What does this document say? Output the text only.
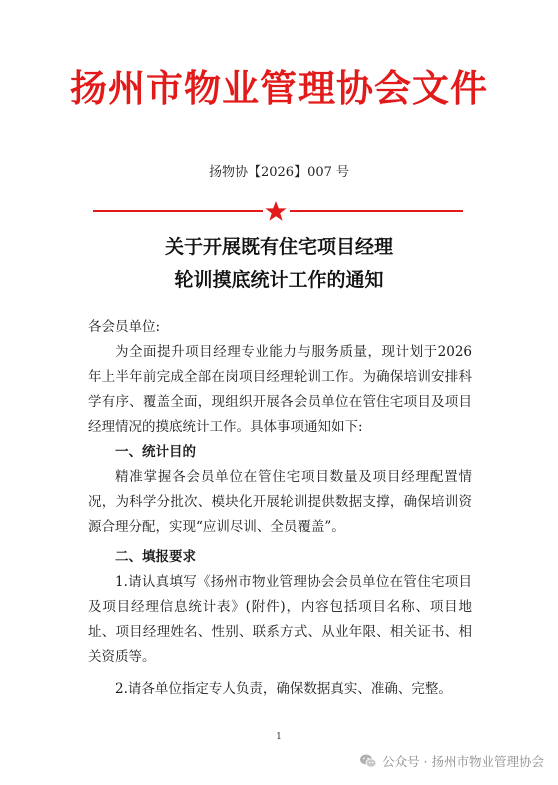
扬州市物业管理协会文件
扬物协【2026】007 号
关于开展既有住宅项目经理
轮训摸底统计工作的通知
各会员单位:
为全面提升项目经理专业能力与服务质量，现计划于2026年上半年前完成全部在岗项目经理轮训工作。为确保培训安排科学有序、覆盖全面，现组织开展各会员单位在管住宅项目及项目经理情况的摸底统计工作。具体事项通知如下:
一、统计目的
精准掌握各会员单位在管住宅项目数量及项目经理配置情况，为科学分批次、模块化开展轮训提供数据支撑，确保培训资源合理分配，实现“应训尽训、全员覆盖”。
二、填报要求
1.请认真填写《扬州市物业管理协会会员单位在管住宅项目及项目经理信息统计表》(附件)，内容包括项目名称、项目地址、项目经理姓名、性别、联系方式、从业年限、相关证书、相关资质等。
2.请各单位指定专人负责，确保数据真实、准确、完整。
1
公众号 · 扬州市物业管理协会
